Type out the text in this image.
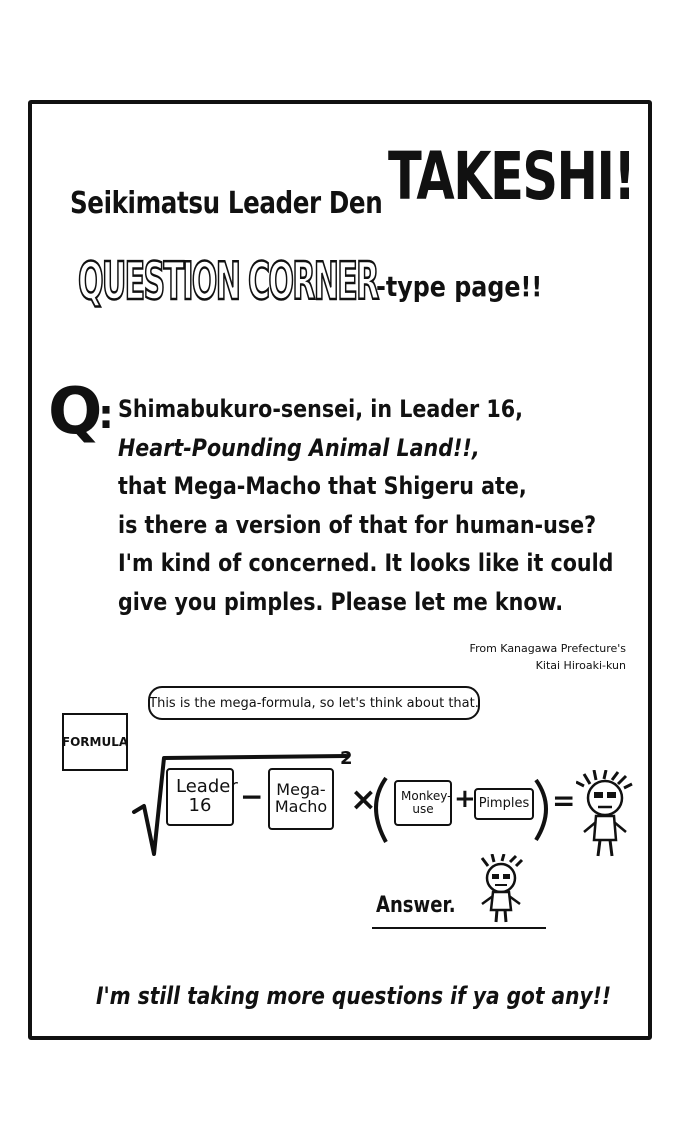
Seikimatsu Leader Den TAKESHI!
QUESTION CORNER
-type page!!
Q
: Shimabukuro-sensei, in Leader 16,
Heart-Pounding Animal Land!!,
that Mega-Macho that Shigeru ate,
is there a version of that for human-use?
I'm kind of concerned. It looks like it could
give you pimples. Please let me know.
From Kanagawa Prefecture's
Kitai Hiroaki-kun
This is the mega-formula, so let's think about that.
FORMULA
Leader 16	− Mega-Macho
2
× Monkey-use + Pimples =
Answer.
I'm still taking more questions if ya got any!!
